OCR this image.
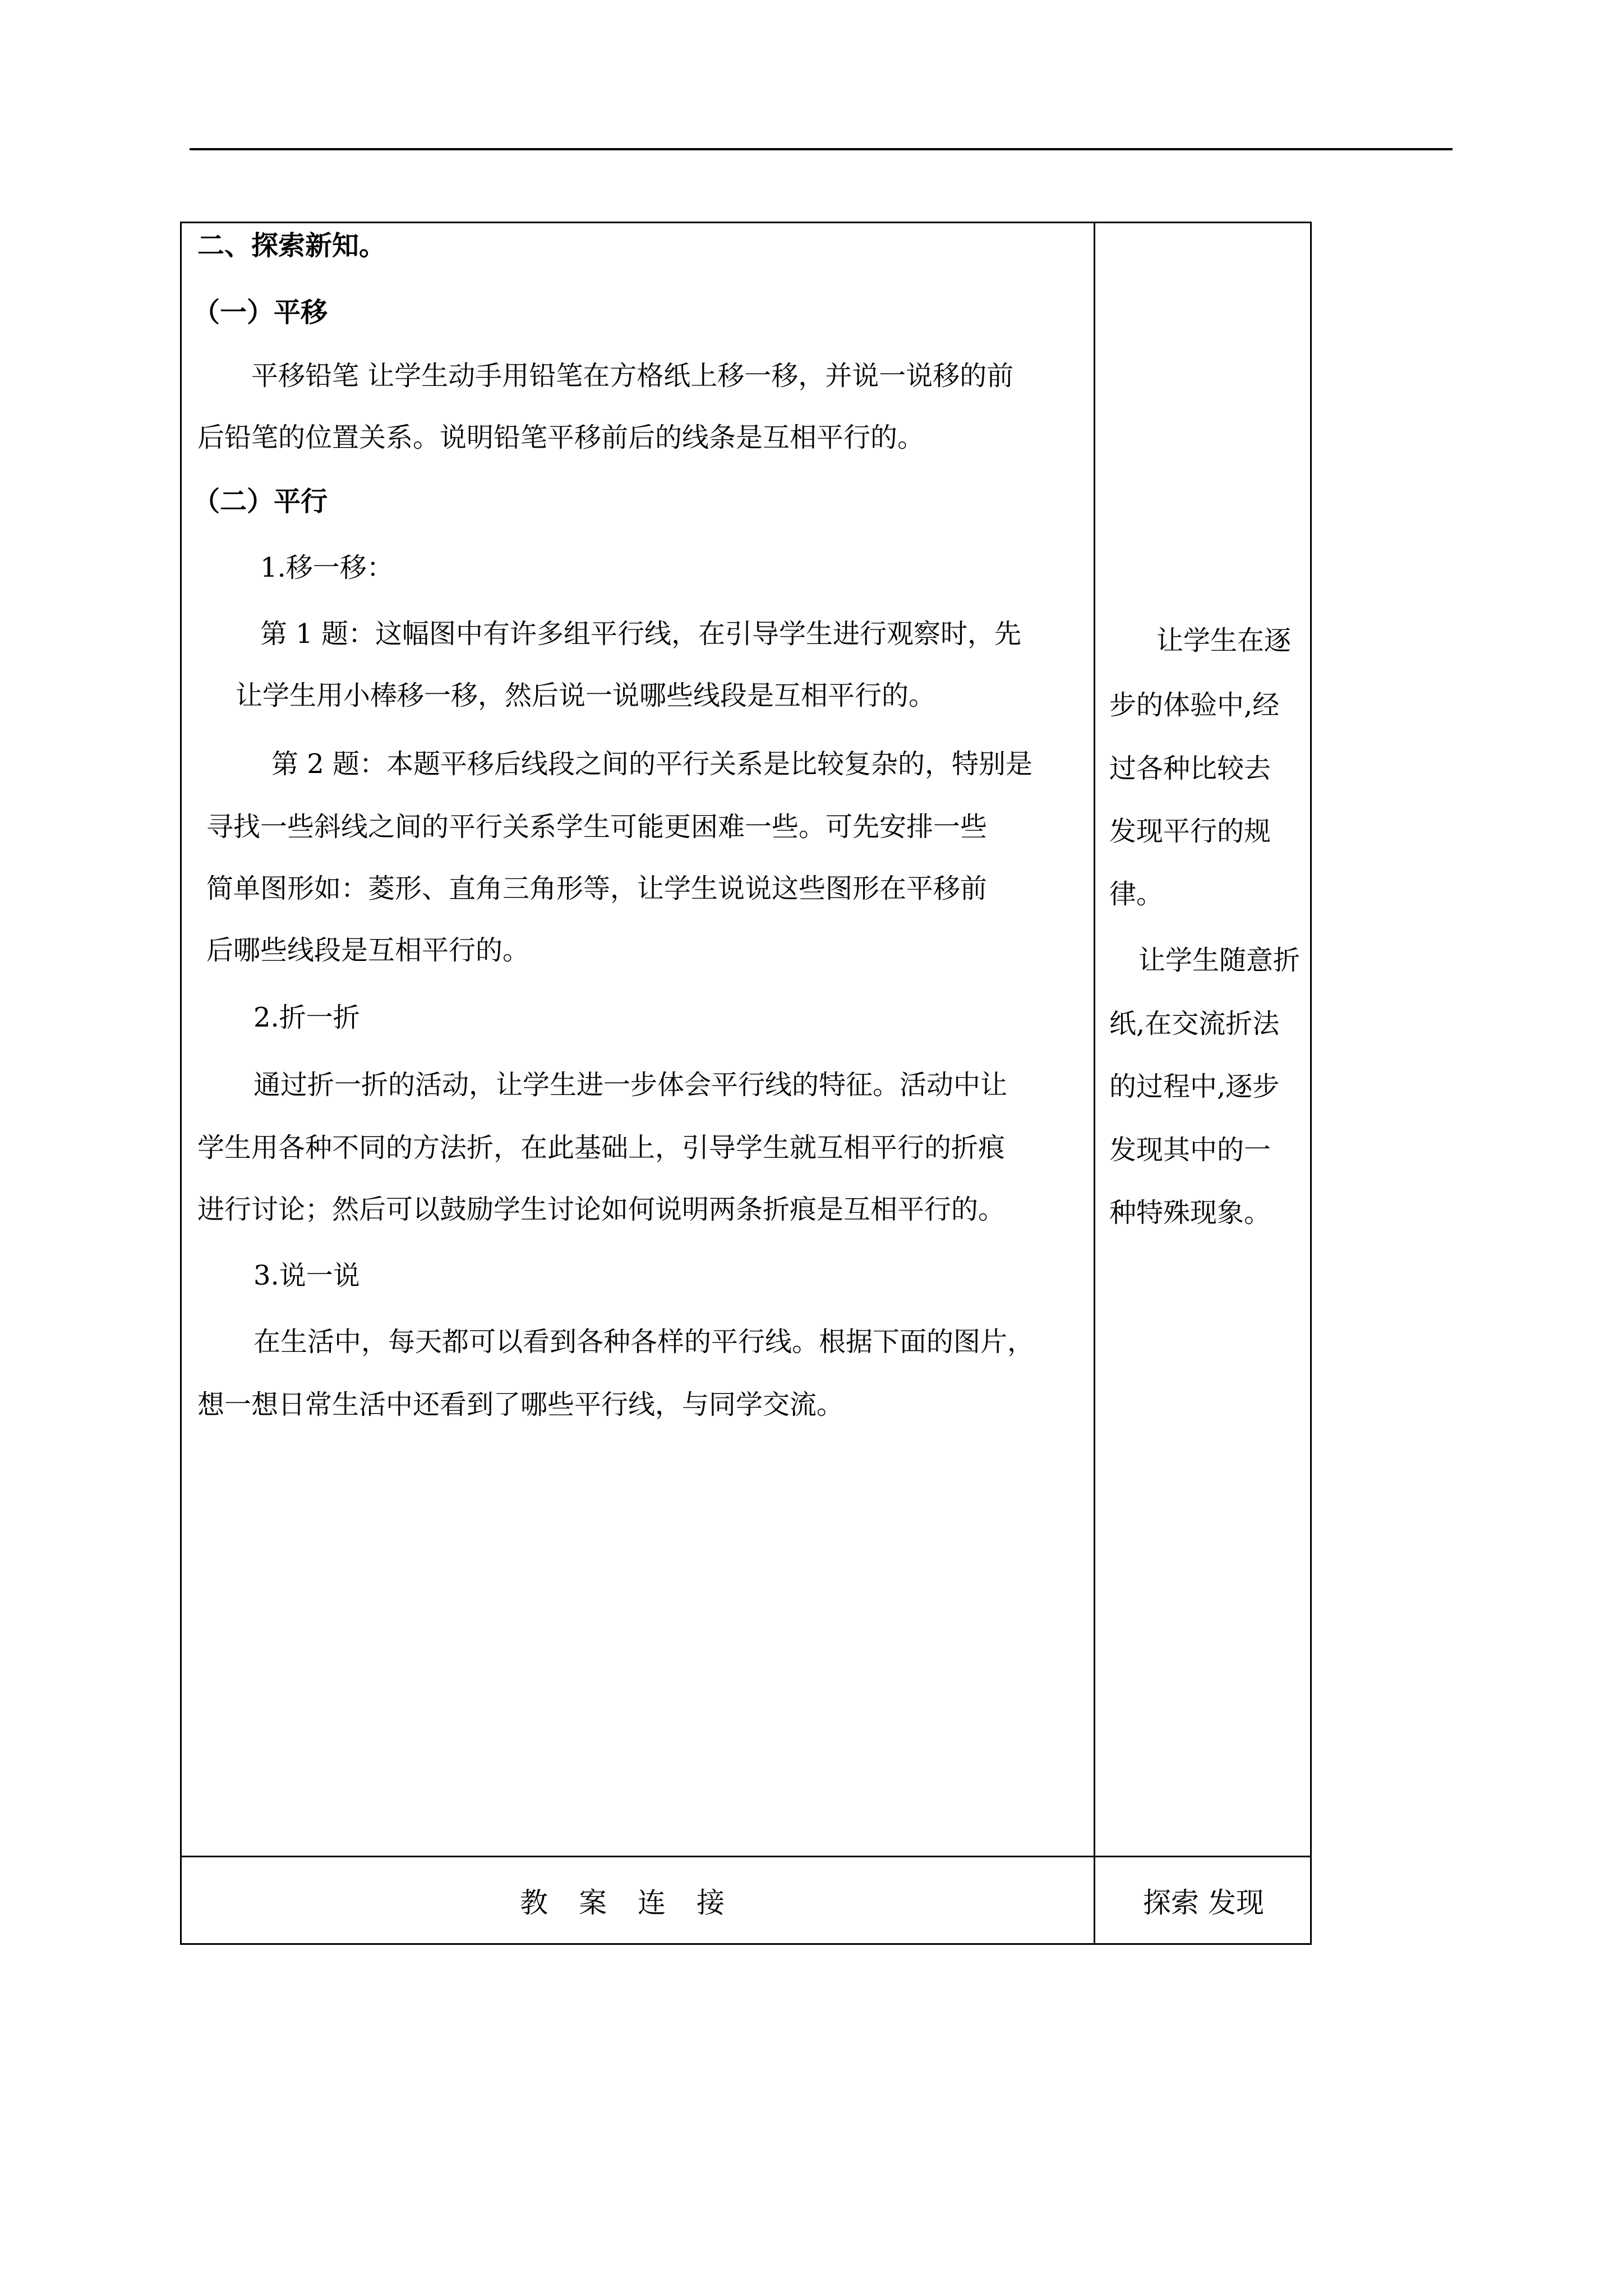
二、探索新知。
（一）平移
平移铅笔 让学生动手用铅笔在方格纸上移一移，并说一说移的前
后铅笔的位置关系。说明铅笔平移前后的线条是互相平行的。
（二）平行
1.移一移：
第 1 题：这幅图中有许多组平行线，在引导学生进行观察时，先
让学生用小棒移一移，然后说一说哪些线段是互相平行的。
第 2 题：本题平移后线段之间的平行关系是比较复杂的，特别是
寻找一些斜线之间的平行关系学生可能更困难一些。可先安排一些
简单图形如：菱形、直角三角形等，让学生说说这些图形在平移前
后哪些线段是互相平行的。
2.折一折
通过折一折的活动，让学生进一步体会平行线的特征。活动中让
学生用各种不同的方法折，在此基础上，引导学生就互相平行的折痕
进行讨论；然后可以鼓励学生讨论如何说明两条折痕是互相平行的。
3.说一说
在生活中，每天都可以看到各种各样的平行线。根据下面的图片，
想一想日常生活中还看到了哪些平行线，与同学交流。
让学生在逐
步的体验中,经
过各种比较去
发现平行的规
律。
让学生随意折
纸,在交流折法
的过程中,逐步
发现其中的一
种特殊现象。
教案连接	探索 发现
